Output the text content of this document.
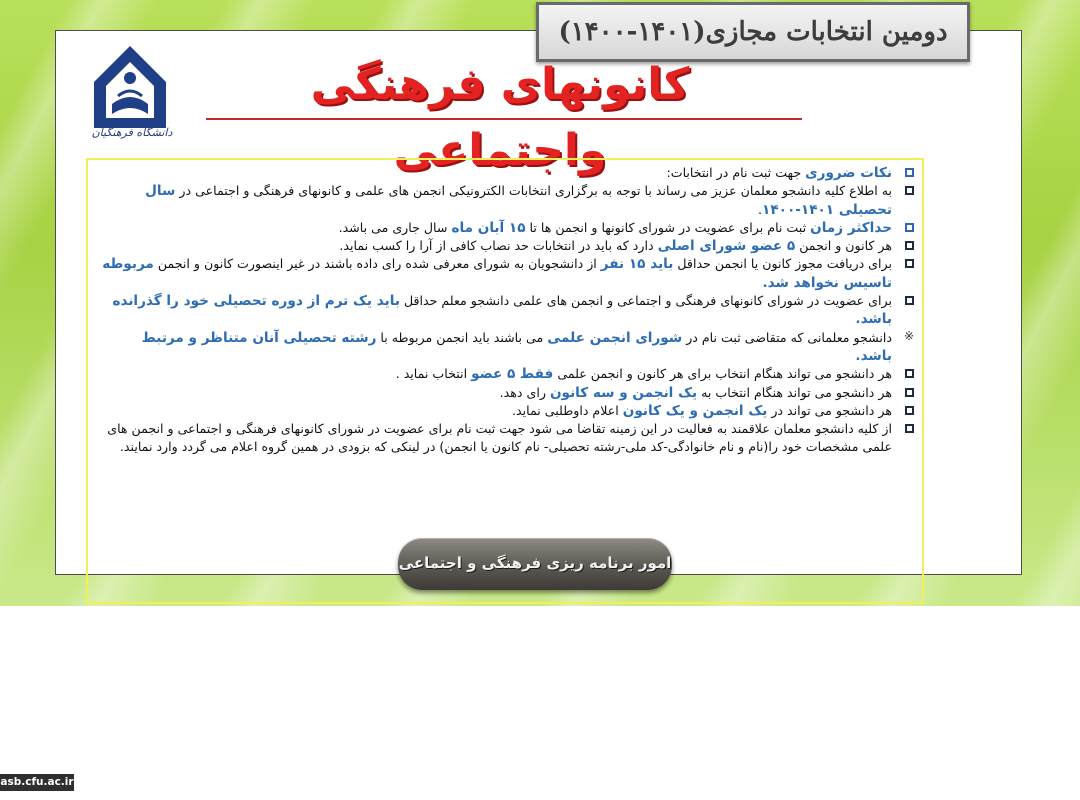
دومین انتخابات مجازی(۱۴۰۱-۱۴۰۰)
دانشگاه فرهنگیان
کانونهای فرهنگی واجتماعی	نکات ضروری جهت ثبت نام در انتخابات:
به اطلاع کلیه دانشجو معلمان عزیز می رساند با توجه به برگزاری انتخابات الکترونیکی انجمن های علمی و کانونهای فرهنگی و اجتماعی در سال تحصیلی ۱۴۰۱-۱۴۰۰.
حداکثر زمان ثبت نام برای عضویت در شورای کانونها و انجمن ها تا ۱۵ آبان ماه سال جاری می باشد.
هر کانون و انجمن ۵ عضو شورای اصلی دارد که باید در انتخابات حد نصاب کافی از آرا را کسب نماید.
برای دریافت مجوز کانون یا انجمن حداقل باید ۱۵ نفر از دانشجویان به شورای معرفی شده رای داده باشند در غیر اینصورت کانون و انجمن مربوطه تاسیس نخواهد شد.
برای عضویت در شورای کانونهای فرهنگی و اجتماعی و انجمن های علمی دانشجو معلم حداقل باید یک ترم از دوره تحصیلی خود را گذرانده باشد.
※
دانشجو معلمانی که متقاضی ثبت نام در شورای انجمن علمی می باشند باید انجمن مربوطه با رشته تحصیلی آنان متناظر و مرتبط باشد.
هر دانشجو می تواند هنگام انتخاب برای هر کانون و انجمن علمی فقط ۵ عضو انتخاب نماید .
هر دانشجو می تواند هنگام انتخاب به یک انجمن و سه کانون رای دهد.
هر دانشجو می تواند در یک انجمن و یک کانون اعلام داوطلبی نماید.
از کلیه دانشجو معلمان علاقمند به فعالیت در این زمینه تقاضا می شود جهت ثبت نام برای عضویت در شورای کانونهای فرهنگی و اجتماعی و انجمن های علمی مشخصات خود را(نام و نام خانوادگی-کد ملی-رشته تحصیلی- نام کانون یا انجمن) در لینکی که بزودی در همین گروه اعلام می گردد وارد نمایند.
امور برنامه ریزی فرهنگی و اجتماعی
asb.cfu.ac.ir
